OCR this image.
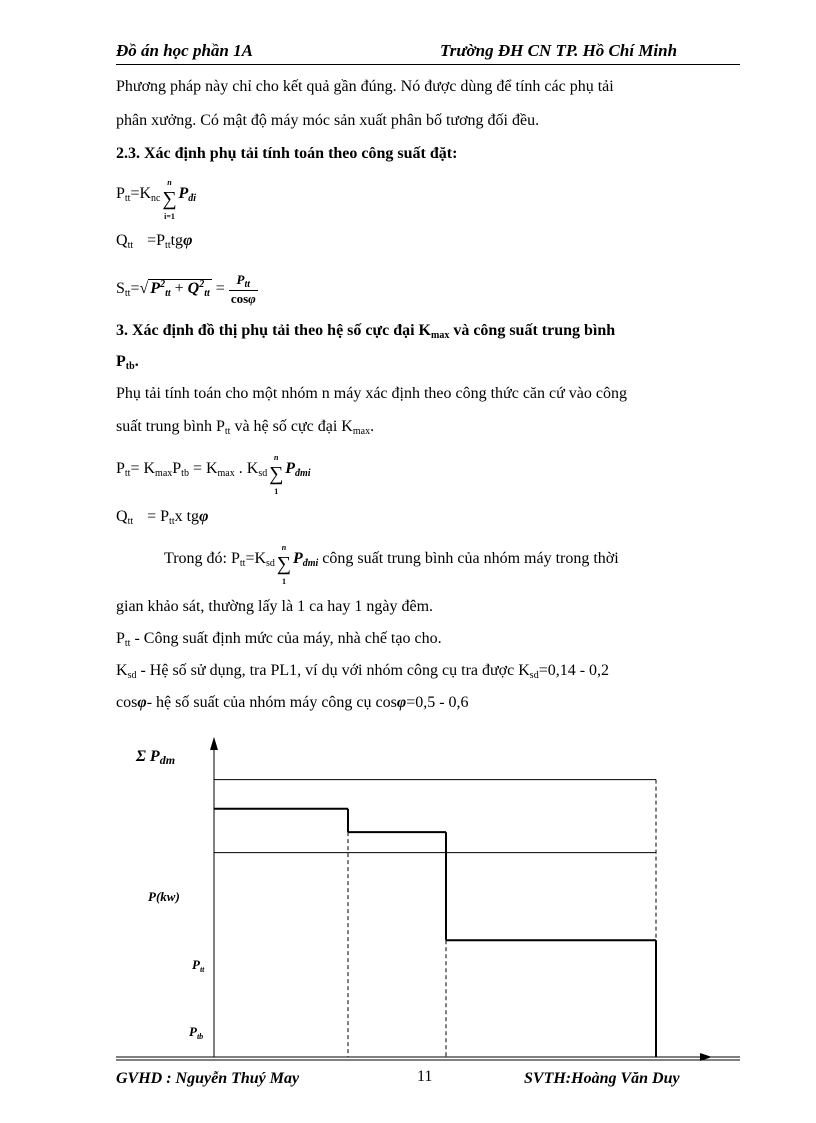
Đồ án học phần 1A	Trường ĐH CN TP. Hồ Chí Minh
Phương pháp này chỉ cho kết quả gần đúng. Nó được dùng để tính các phụ tải
phân xưởng. Có mật độ máy móc sản xuất phân bố tương đối đều.
2.3. Xác định phụ tải tính toán theo công suất đặt:
$P_{tt}=K_{nc}$
n
∑
i=1
$P_{đi}$
$Q_{tt} =P_{tt}tg\varphi$
$S_{tt}=√$ $P^2_{tt} + Q^2_{tt} = \frac{P_{tt}}{\cos\varphi}$
3. Xác định đồ thị phụ tải theo hệ số cực đại $K_{max}$ và công suất trung bình
$P_{tb}$.
Phụ tải tính toán cho một nhóm n máy xác định theo công thức căn cứ vào công
suất trung bình $P_{tt}$ và hệ số cực đại $K_{max}$.
$P_{tt}= K_{max}P_{tb} = K_{max}$ . $K_{sd}$
n
∑
1
$P_{đmi}$
$Q_{tt} = P_{tt}x$ tgφ
Trong đó: $P_{tt}=K_{sd}$
n
∑
1
$P_{đmi}$ công suất trung bình của nhóm máy trong thời
gian khảo sát, thường lấy là 1 ca hay 1 ngày đêm.
$P_{tt}$ - Công suất định mức của máy, nhà chế tạo cho.
$K_{sd}$ - Hệ số sử dụng, tra PL1, ví dụ với nhóm công cụ tra được $K_{sd}=0,14 - 0,2$
cosφ- hệ số suất của nhóm máy công cụ cosφ=0,5 - 0,6
Σ $P_{dm}$
P(kw)
$P_{tt}$
$P_{tb}$
GVHD : Nguyễn Thuý May	11	SVTH:Hoàng Văn Duy
